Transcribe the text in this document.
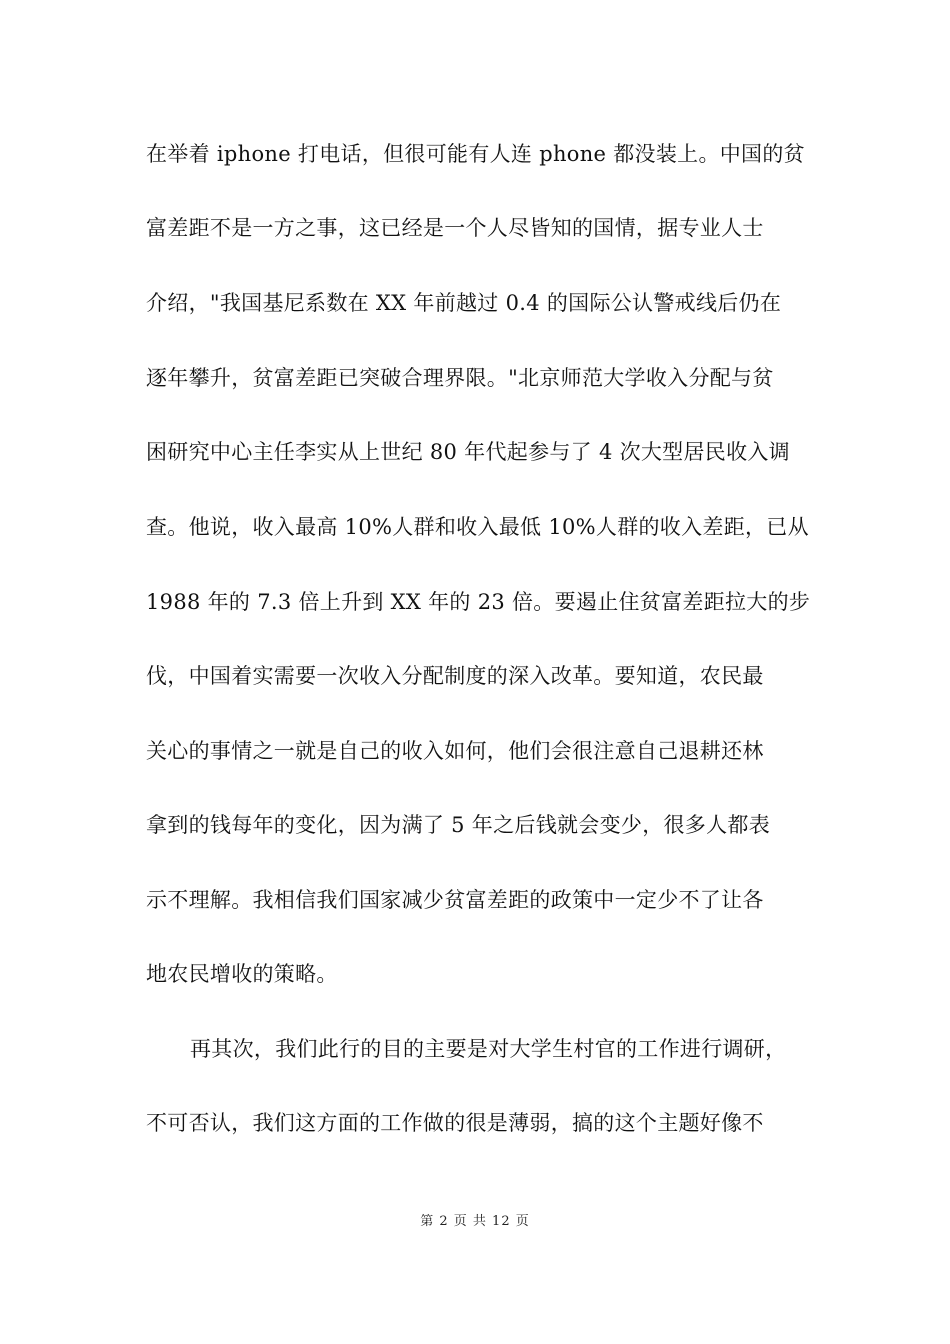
在举着 iphone 打电话，但很可能有人连 phone 都没装上。中国的贫
富差距不是一方之事，这已经是一个人尽皆知的国情，据专业人士
介绍，"我国基尼系数在 XX 年前越过 0.4 的国际公认警戒线后仍在
逐年攀升，贫富差距已突破合理界限。"北京师范大学收入分配与贫
困研究中心主任李实从上世纪 80 年代起参与了 4 次大型居民收入调
查。他说，收入最高 10%人群和收入最低 10%人群的收入差距，已从
1988 年的 7.3 倍上升到 XX 年的 23 倍。要遏止住贫富差距拉大的步
伐，中国着实需要一次收入分配制度的深入改革。要知道，农民最
关心的事情之一就是自己的收入如何，他们会很注意自己退耕还林
拿到的钱每年的变化，因为满了 5 年之后钱就会变少，很多人都表
示不理解。我相信我们国家减少贫富差距的政策中一定少不了让各
地农民增收的策略。
再其次，我们此行的目的主要是对大学生村官的工作进行调研，
不可否认，我们这方面的工作做的很是薄弱，搞的这个主题好像不
第 2 页 共 12 页
